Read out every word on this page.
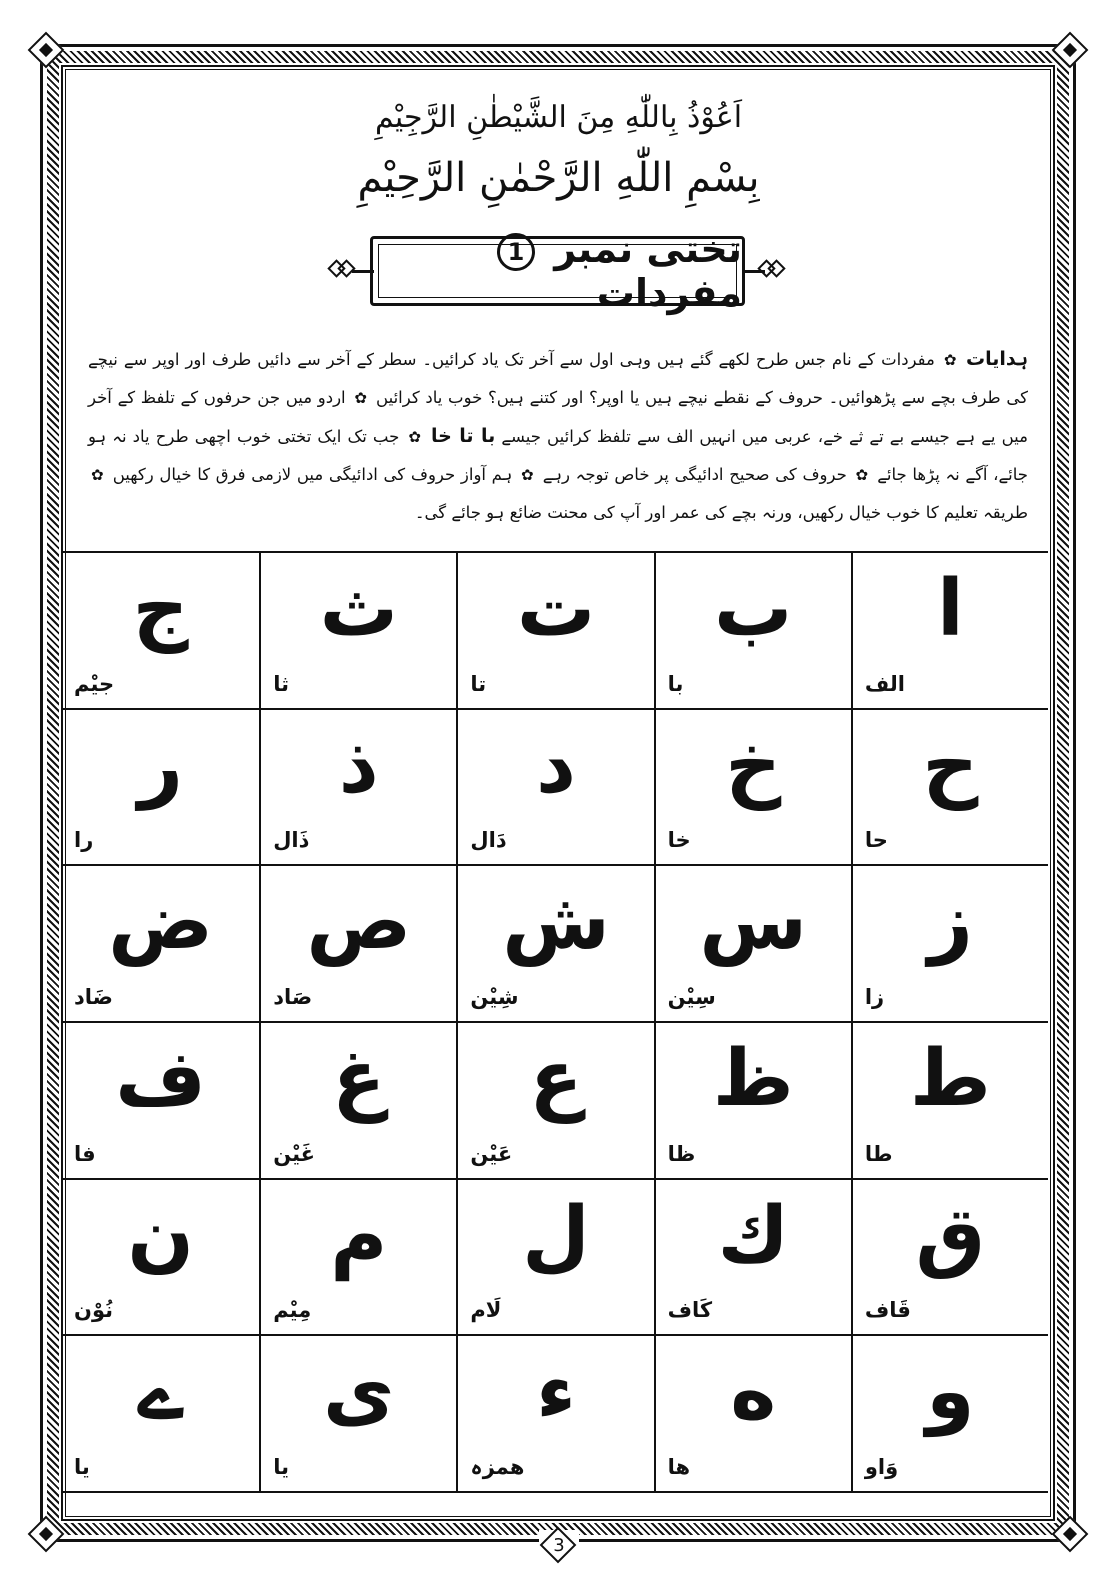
اَعُوْذُ بِاللّٰهِ مِنَ الشَّيْطٰنِ الرَّجِيْمِ
بِسْمِ اللّٰهِ الرَّحْمٰنِ الرَّحِيْمِ
تختی نمبر 1 مفردات
ہدایات ✿ مفردات کے نام جس طرح لکھے گئے ہیں وہی اول سے آخر تک یاد کرائیں۔ سطر کے آخر سے دائیں طرف اور اوپر سے نیچے کی طرف بچے سے پڑھوائیں۔ حروف کے نقطے نیچے ہیں یا اوپر؟ اور کتنے ہیں؟ خوب یاد کرائیں ✿ اردو میں جن حرفوں کے تلفظ کے آخر میں یے ہے جیسے بے تے ثے خے، عربی میں انہیں الف سے تلفظ کرائیں جیسے با تا خا ✿ جب تک ایک تختی خوب اچھی طرح یاد نہ ہو جائے، آگے نہ پڑھا جائے ✿ حروف کی صحیح ادائیگی پر خاص توجہ رہے ✿ ہم آواز حروف کی ادائیگی میں لازمی فرق کا خیال رکھیں ✿ طریقہ تعلیم کا خوب خیال رکھیں، ورنہ بچے کی عمر اور آپ کی محنت ضائع ہو جائے گی۔
ا
الف
ب
با
ت
تا
ث
ثا
ج
جیْم
ح
حا
خ
خا
د
دَال
ذ
ذَال
ر
را
ز
زا
س
سِيْن
ش
شِيْن
ص
صَاد
ض
ضَاد
ط
طا
ظ
ظا
ع
عَيْن
غ
غَيْن
ف
فا
ق
قَاف
ك
كَاف
ل
لَام
م
مِيْم
ن
نُوْن
و
وَاو
ه
ها
ء
ھمزہ
ى
يا
ے
يا
3
